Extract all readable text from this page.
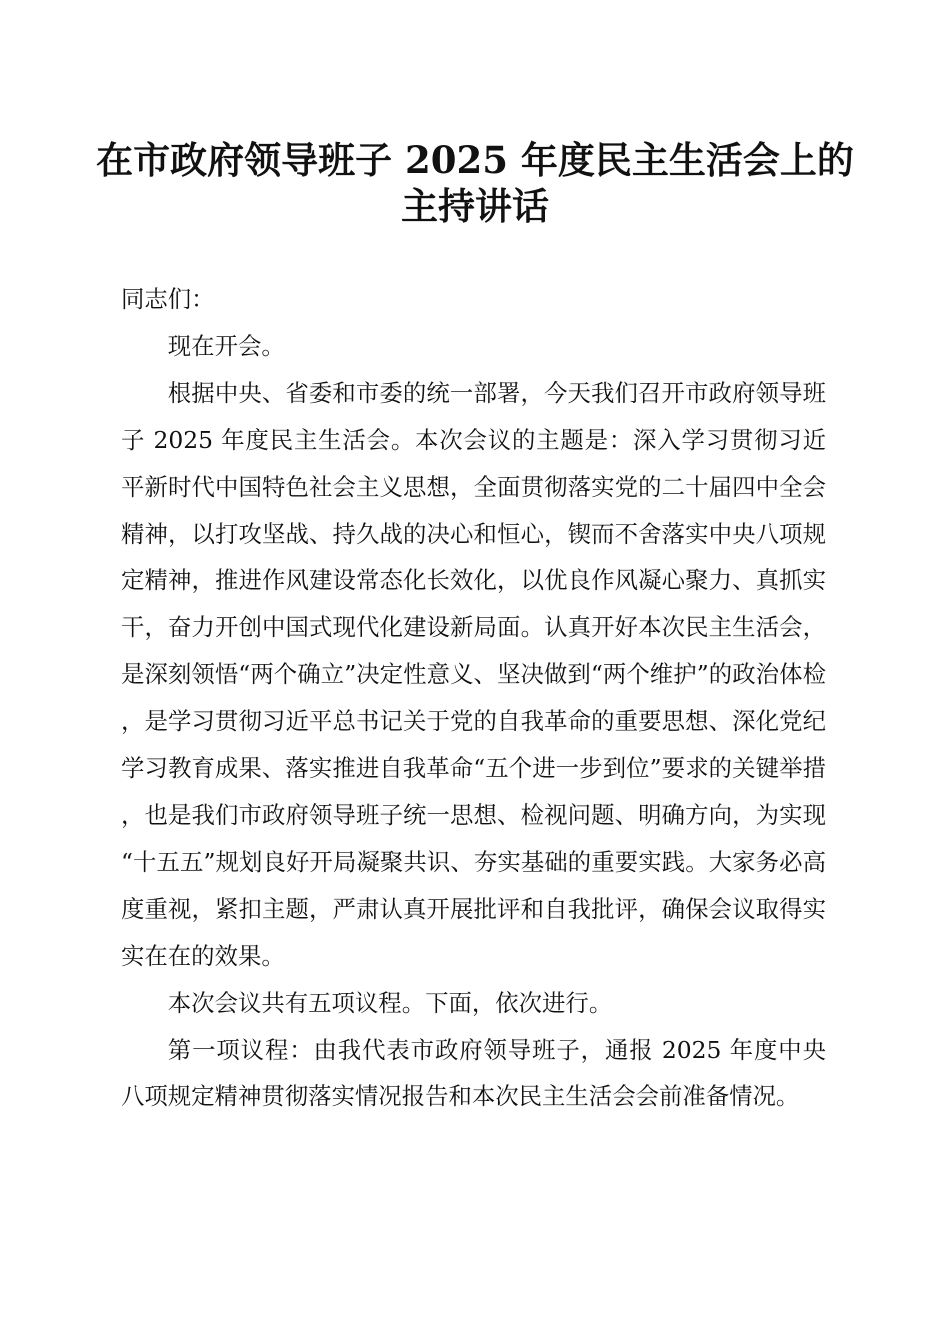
在市政府领导班子 2025 年度民主生活会上的
主持讲话

同志们：

现在开会。

根据中央、省委和市委的统一部署，今天我们召开市政府领导班子 2025 年度民主生活会。本次会议的主题是：深入学习贯彻习近平新时代中国特色社会主义思想，全面贯彻落实党的二十届四中全会精神，以打攻坚战、持久战的决心和恒心，锲而不舍落实中央八项规定精神，推进作风建设常态化长效化，以优良作风凝心聚力、真抓实干，奋力开创中国式现代化建设新局面。认真开好本次民主生活会，是深刻领悟“两个确立”决定性意义、坚决做到“两个维护”的政治体检，是学习贯彻习近平总书记关于党的自我革命的重要思想、深化党纪学习教育成果、落实推进自我革命“五个进一步到位”要求的关键举措，也是我们市政府领导班子统一思想、检视问题、明确方向，为实现“十五五”规划良好开局凝聚共识、夯实基础的重要实践。大家务必高度重视，紧扣主题，严肃认真开展批评和自我批评，确保会议取得实实在在的效果。

本次会议共有五项议程。下面，依次进行。

第一项议程：由我代表市政府领导班子，通报 2025 年度中央八项规定精神贯彻落实情况报告和本次民主生活会会前准备情况。
